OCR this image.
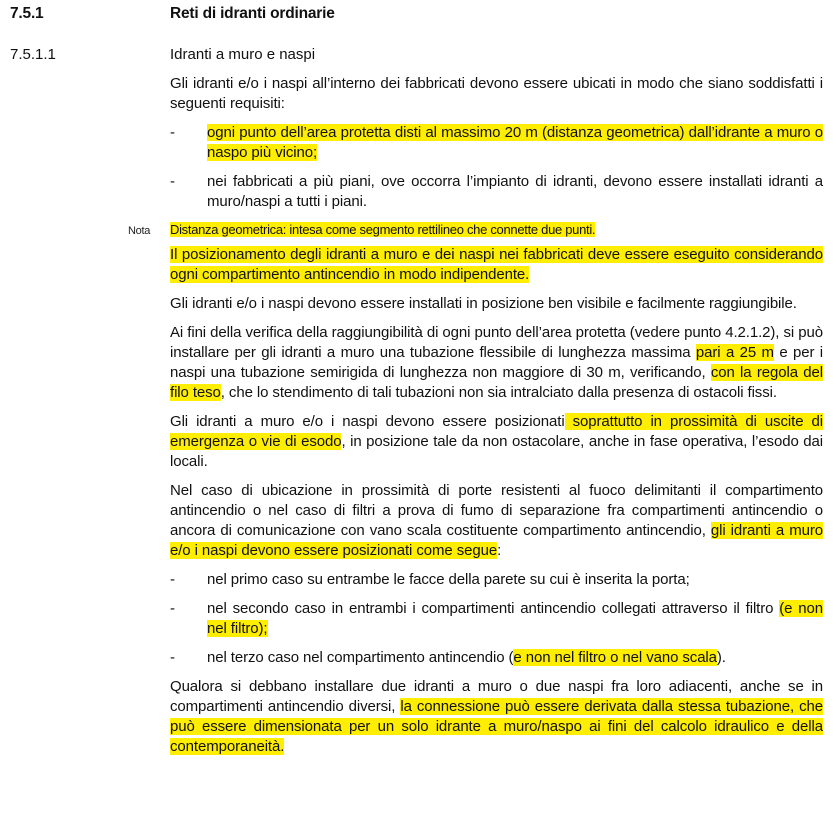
7.5.1	Reti di idranti ordinarie
7.5.1.1	Idranti a muro e naspi

Gli idranti e/o i naspi all’interno dei fabbricati devono essere ubicati in modo che siano soddisfatti i seguenti requisiti:

- ogni punto dell’area protetta disti al massimo 20 m (distanza geometrica) dall’idrante a muro o naspo più vicino;
- nei fabbricati a più piani, ove occorra l’impianto di idranti, devono essere installati idranti a muro/naspi a tutti i piani.
Nota Distanza geometrica: intesa come segmento rettilineo che connette due punti.

Il posizionamento degli idranti a muro e dei naspi nei fabbricati deve essere eseguito considerando ogni compartimento antincendio in modo indipendente.

Gli idranti e/o i naspi devono essere installati in posizione ben visibile e facilmente raggiungibile.

Ai fini della verifica della raggiungibilità di ogni punto dell’area protetta (vedere punto 4.2.1.2), si può installare per gli idranti a muro una tubazione flessibile di lunghezza massima pari a 25 m e per i naspi una tubazione semirigida di lunghezza non maggiore di 30 m, verificando, con la regola del filo teso, che lo stendimento di tali tubazioni non sia intralciato dalla presenza di ostacoli fissi.

Gli idranti a muro e/o i naspi devono essere posizionati soprattutto in prossimità di uscite di emergenza o vie di esodo, in posizione tale da non ostacolare, anche in fase operativa, l’esodo dai locali.

Nel caso di ubicazione in prossimità di porte resistenti al fuoco delimitanti il compartimento antincendio o nel caso di filtri a prova di fumo di separazione fra compartimenti antincendio o ancora di comunicazione con vano scala costituente compartimento antincendio, gli idranti a muro e/o i naspi devono essere posizionati come segue:

- nel primo caso su entrambe le facce della parete su cui è inserita la porta;
- nel secondo caso in entrambi i compartimenti antincendio collegati attraverso il filtro (e non nel filtro);
- nel terzo caso nel compartimento antincendio (e non nel filtro o nel vano scala).

Qualora si debbano installare due idranti a muro o due naspi fra loro adiacenti, anche se in compartimenti antincendio diversi, la connessione può essere derivata dalla stessa tubazione, che può essere dimensionata per un solo idrante a muro/naspo ai fini del calcolo idraulico e della contemporaneità.
